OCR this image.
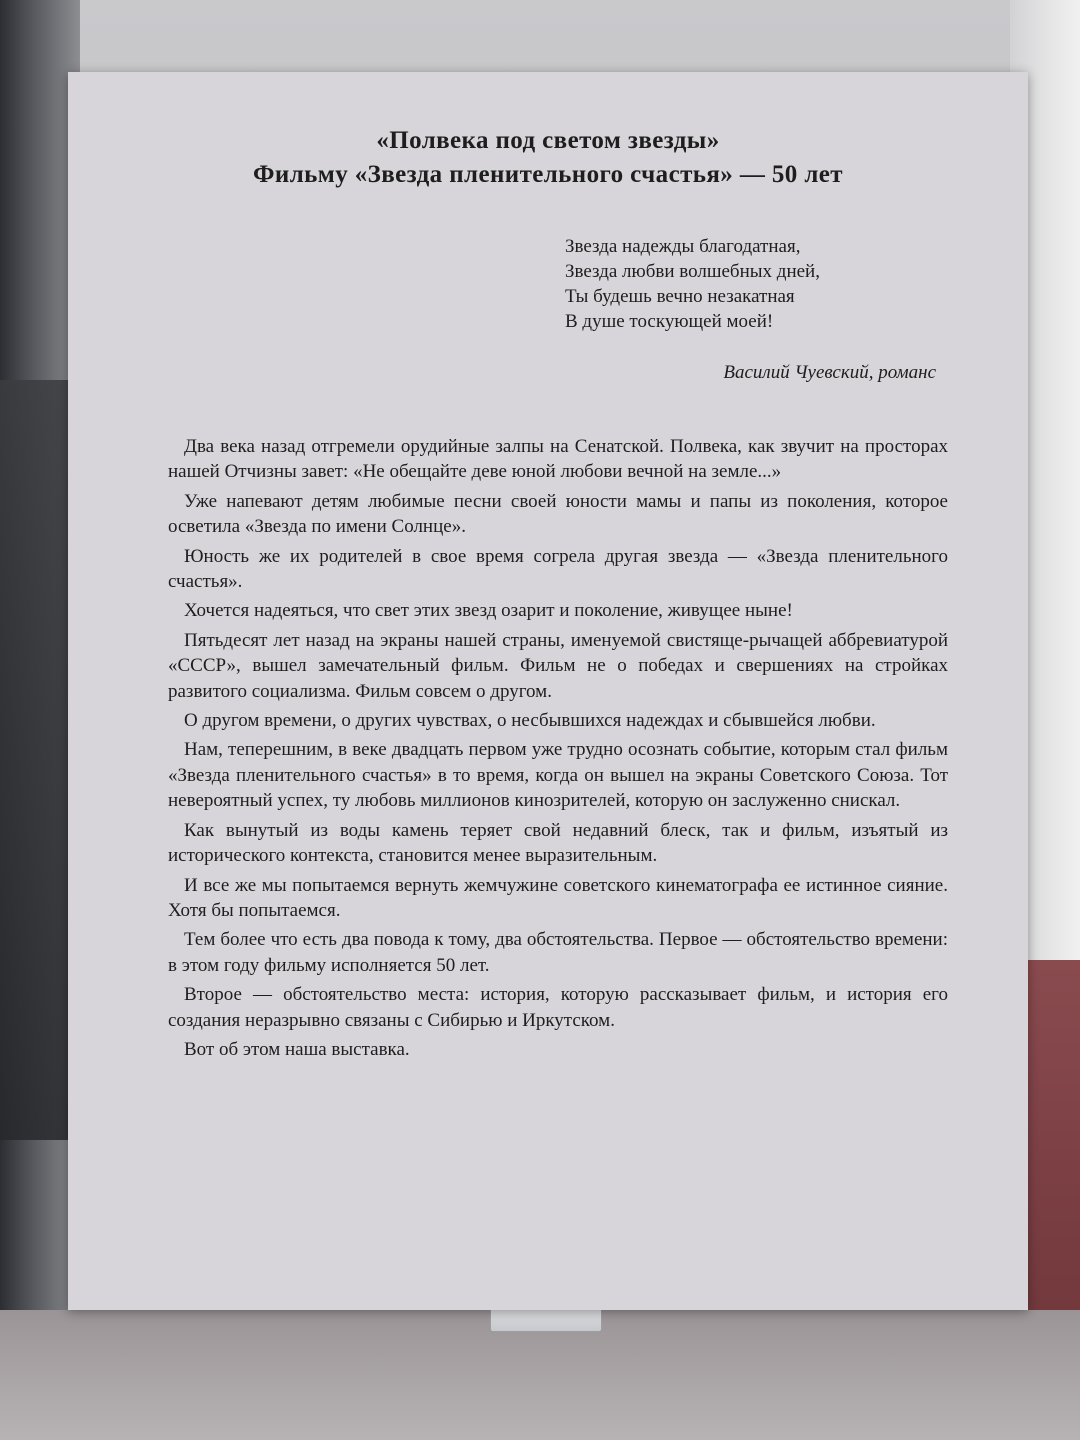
«Полвека под светом звезды»
Фильму «Звезда пленительного счастья» — 50 лет
Звезда надежды благодатная,
Звезда любви волшебных дней,
Ты будешь вечно незакатная
В душе тоскующей моей!
Василий Чуевский, романс

Два века назад отгремели орудийные залпы на Сенатской. Полвека, как звучит на просторах нашей Отчизны завет: «Не обещайте деве юной любови вечной на земле...»

Уже напевают детям любимые песни своей юности мамы и папы из поколения, которое осветила «Звезда по имени Солнце».

Юность же их родителей в свое время согрела другая звезда — «Звезда пленительного счастья».

Хочется надеяться, что свет этих звезд озарит и поколение, живущее ныне!

Пятьдесят лет назад на экраны нашей страны, именуемой свистяще-рычащей аббревиатурой «СССР», вышел замечательный фильм. Фильм не о победах и свершениях на стройках развитого социализма. Фильм совсем о другом.

О другом времени, о других чувствах, о несбывшихся надеждах и сбывшейся любви.

Нам, теперешним, в веке двадцать первом уже трудно осознать событие, которым стал фильм «Звезда пленительного счастья» в то время, когда он вышел на экраны Советского Союза. Тот невероятный успех, ту любовь миллионов кинозрителей, которую он заслуженно снискал.

Как вынутый из воды камень теряет свой недавний блеск, так и фильм, изъятый из исторического контекста, становится менее выразительным.

И все же мы попытаемся вернуть жемчужине советского кинематографа ее истинное сияние. Хотя бы попытаемся.

Тем более что есть два повода к тому, два обстоятельства. Первое — обстоятельство времени: в этом году фильму исполняется 50 лет.

Второе — обстоятельство места: история, которую рассказывает фильм, и история его создания неразрывно связаны с Сибирью и Иркутском.

Вот об этом наша выставка.
